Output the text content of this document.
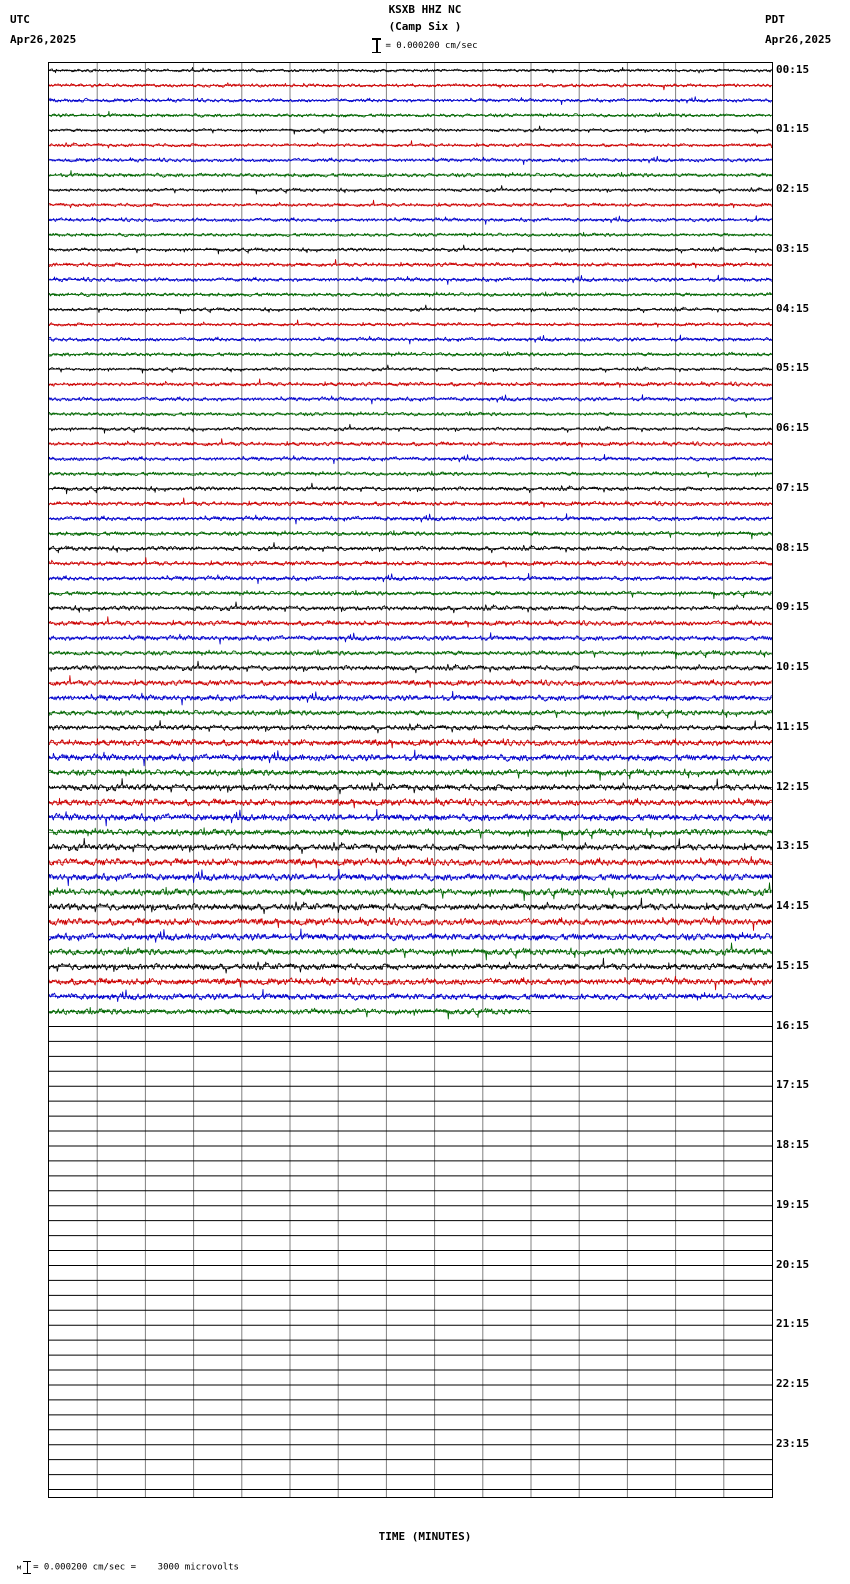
UTC
Apr26,2025
PDT
Apr26,2025
KSXB HHZ NC
(Camp Six )
= 0.000200 cm/sec
00:15
01:15
02:15
03:15
04:15
05:15
06:15
07:15
08:15
09:15
10:15
11:15
12:15
13:15
14:15
15:15
16:15
17:15
18:15
19:15
20:15
21:15
22:15
23:15
TIME (MINUTES)

м = 0.000200 cm/sec =    3000 microvolts
